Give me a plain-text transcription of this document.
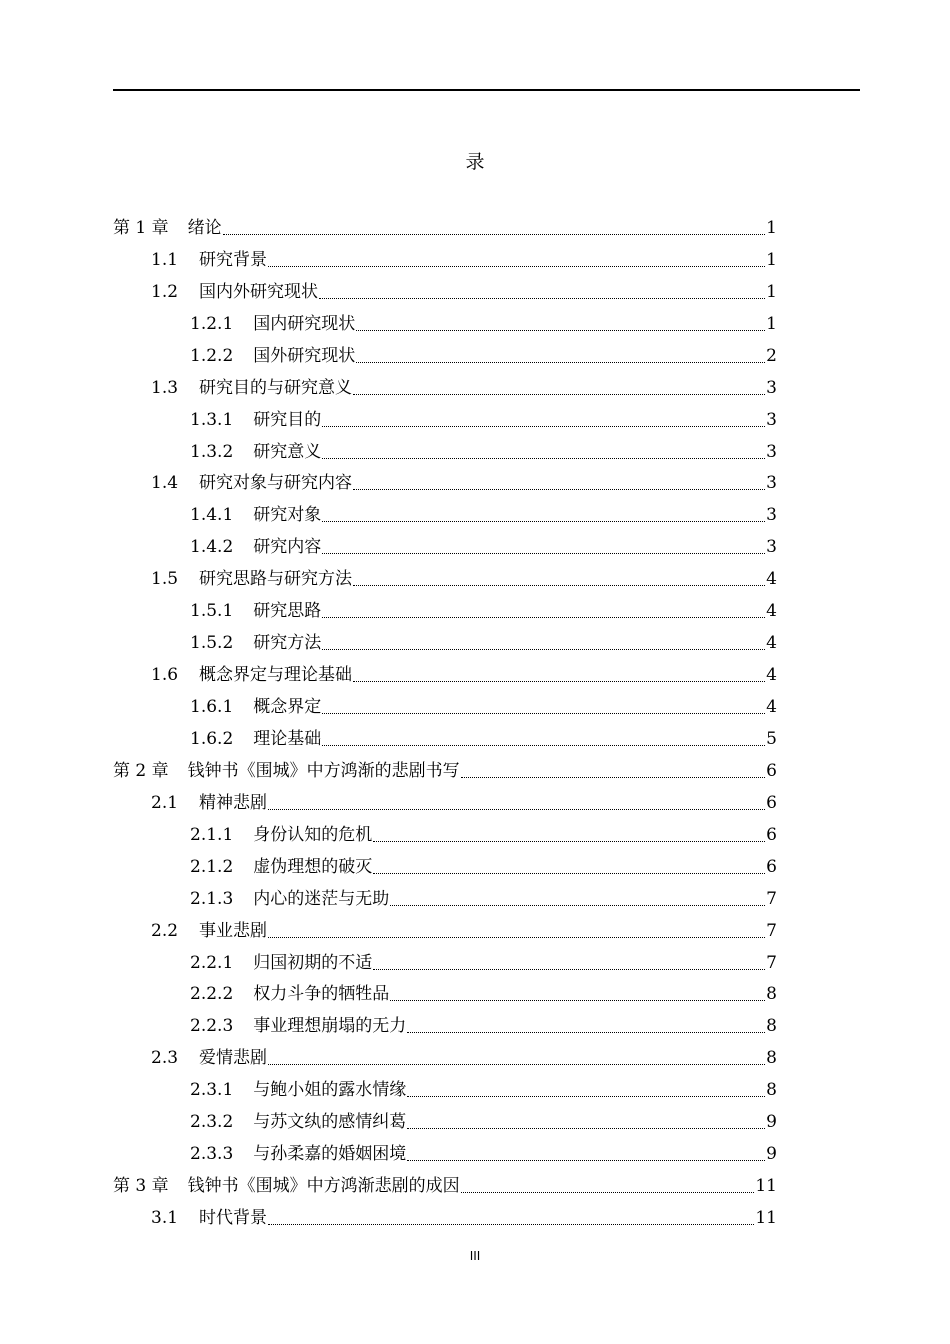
录
第 1 章 绪论	1
1.1 研究背景	1
1.2 国内外研究现状	1
1.2.1 国内研究现状	1
1.2.2 国外研究现状	2
1.3 研究目的与研究意义	3
1.3.1 研究目的	3
1.3.2 研究意义	3
1.4 研究对象与研究内容	3
1.4.1 研究对象	3
1.4.2 研究内容	3
1.5 研究思路与研究方法	4
1.5.1 研究思路	4
1.5.2 研究方法	4
1.6 概念界定与理论基础	4
1.6.1 概念界定	4
1.6.2 理论基础	5
第 2 章 钱钟书《围城》中方鸿渐的悲剧书写	6
2.1 精神悲剧	6
2.1.1 身份认知的危机	6
2.1.2 虚伪理想的破灭	6
2.1.3 内心的迷茫与无助	7
2.2 事业悲剧	7
2.2.1 归国初期的不适	7
2.2.2 权力斗争的牺牲品	8
2.2.3 事业理想崩塌的无力	8
2.3 爱情悲剧	8
2.3.1 与鲍小姐的露水情缘	8
2.3.2 与苏文纨的感情纠葛	9
2.3.3 与孙柔嘉的婚姻困境	9
第 3 章 钱钟书《围城》中方鸿渐悲剧的成因	11
3.1 时代背景	11
III
